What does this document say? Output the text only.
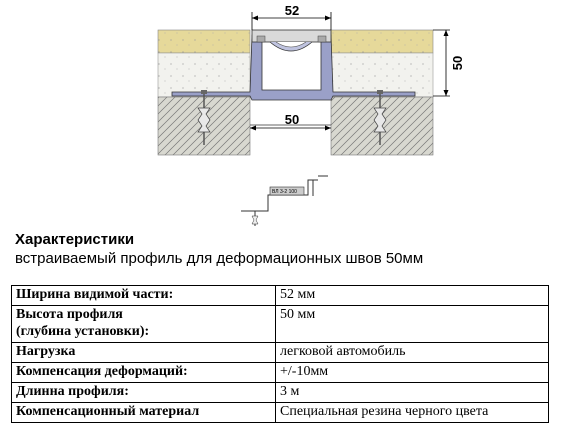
52
50
50
ВЛ 3-2 100
Характеристики
встраиваемый профиль для деформационных швов 50мм
Ширина видимой части:	52 мм
Высота профиля
(глубина установки):	50 мм
Нагрузка	легковой автомобиль
Компенсация деформаций:	+/-10мм
Длинна профиля:	3 м
Компенсационный материал	Специальная резина черного цвета
